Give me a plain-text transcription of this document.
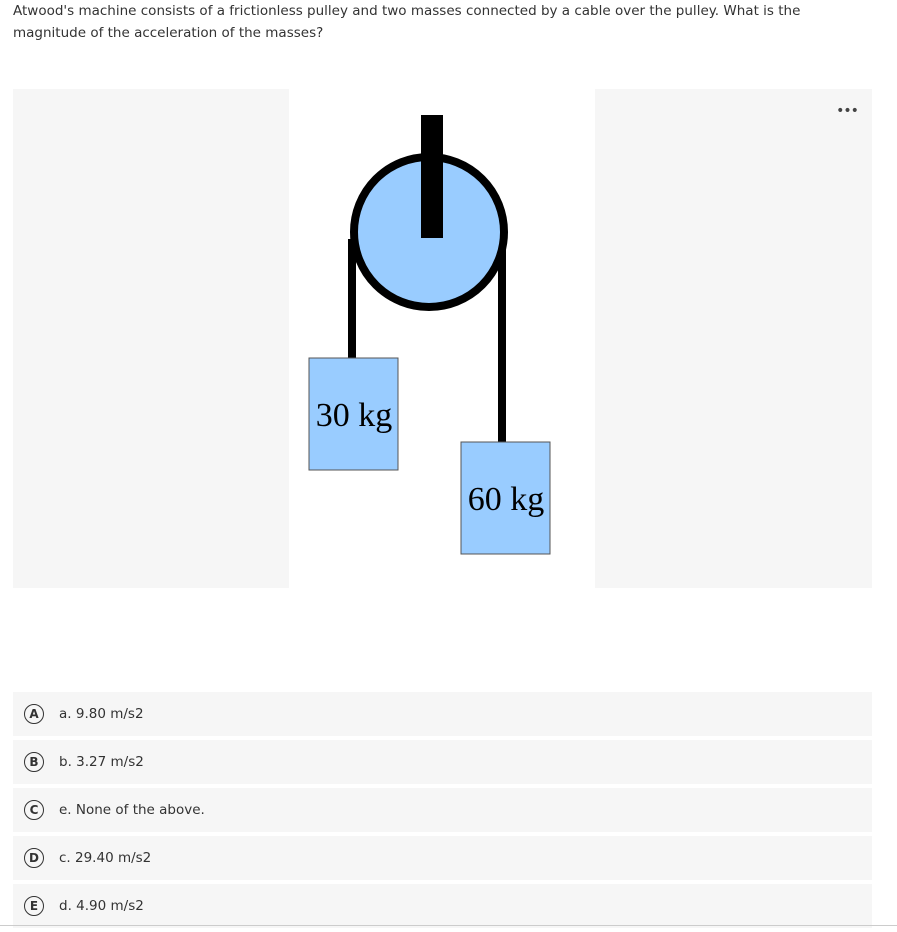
Atwood's machine consists of a frictionless pulley and two masses connected by a cable over the pulley. What is the magnitude of the acceleration of the masses?
•••
30 kg
60 kg
A	a. 9.80 m/s2
B	b. 3.27 m/s2
C	e. None of the above.
D	c. 29.40 m/s2
E	d. 4.90 m/s2
